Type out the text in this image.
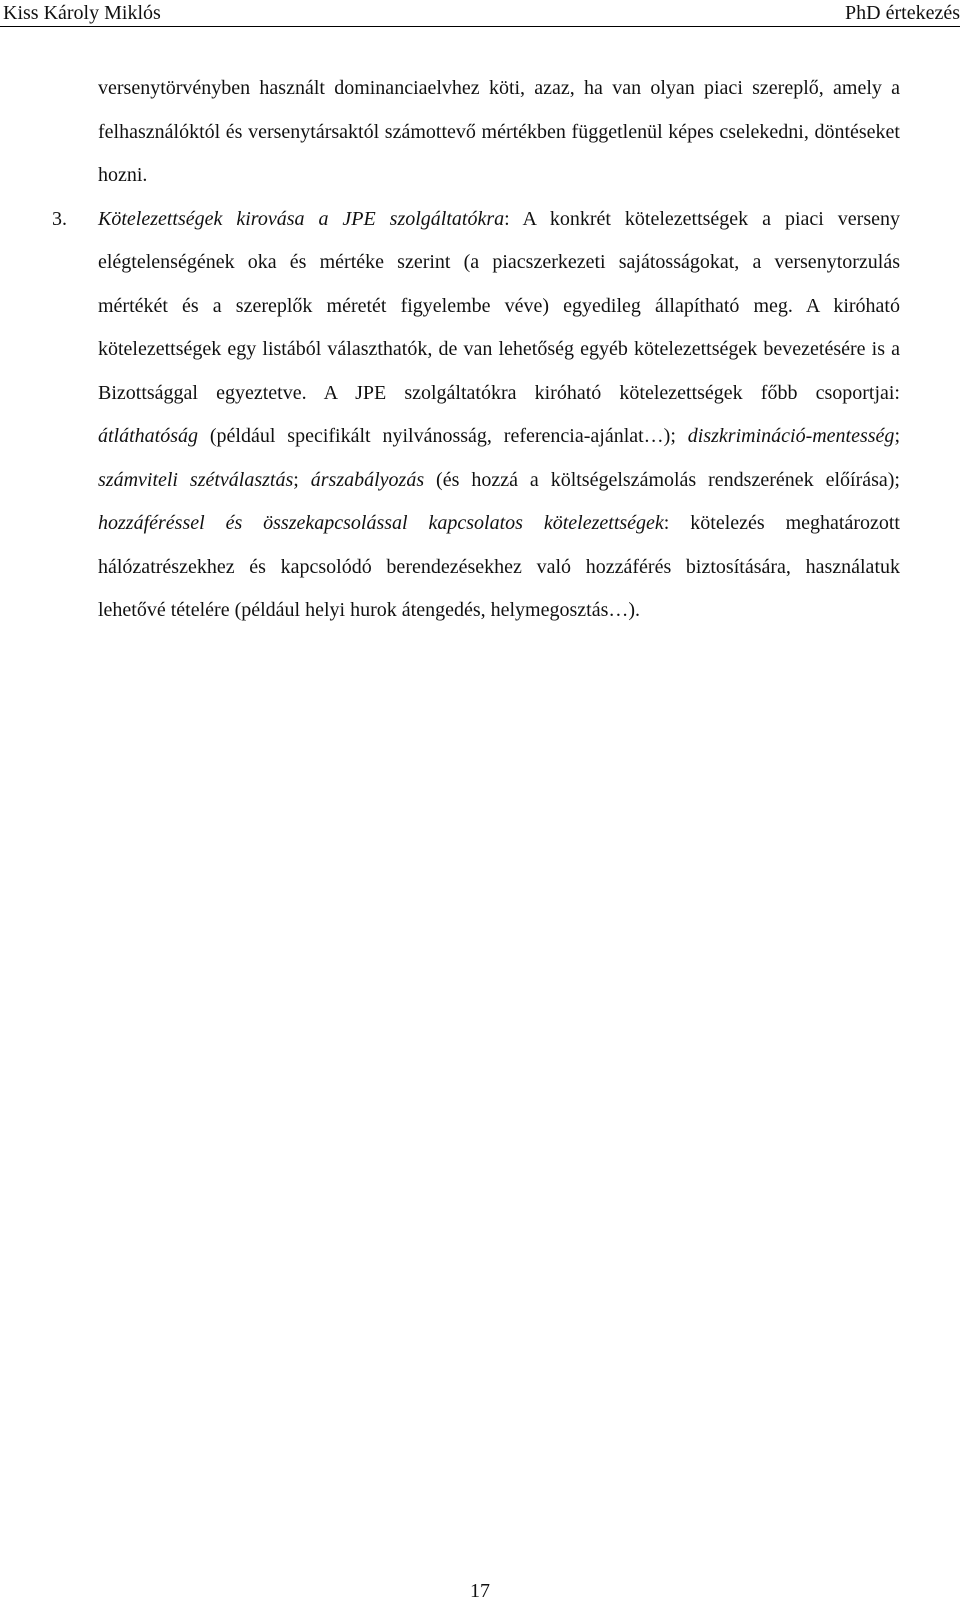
Kiss Károly Miklós	PhD értekezés

versenytörvényben használt dominanciaelvhez köti, azaz, ha van olyan piaci szereplő, amely a felhasználóktól és versenytársaktól számottevő mértékben függetlenül képes cselekedni, döntéseket hozni.

3. Kötelezettségek kirovása a JPE szolgáltatókra: A konkrét kötelezettségek a piaci verseny elégtelenségének oka és mértéke szerint (a piacszerkezeti sajátosságokat, a versenytorzulás mértékét és a szereplők méretét figyelembe véve) egyedileg állapítható meg. A kiróható kötelezettségek egy listából választhatók, de van lehetőség egyéb kötelezettségek bevezetésére is a Bizottsággal egyeztetve. A JPE szolgáltatókra kiróható kötelezettségek főbb csoportjai: átláthatóság (például specifikált nyilvánosság, referencia-ajánlat…); diszkrimináció-mentesség; számviteli szétválasztás; árszabályozás (és hozzá a költségelszámolás rendszerének előírása); hozzáféréssel és összekapcsolással kapcsolatos kötelezettségek: kötelezés meghatározott hálózatrészekhez és kapcsolódó berendezésekhez való hozzáférés biztosítására, használatuk lehetővé tételére (például helyi hurok átengedés, helymegosztás…).

17
